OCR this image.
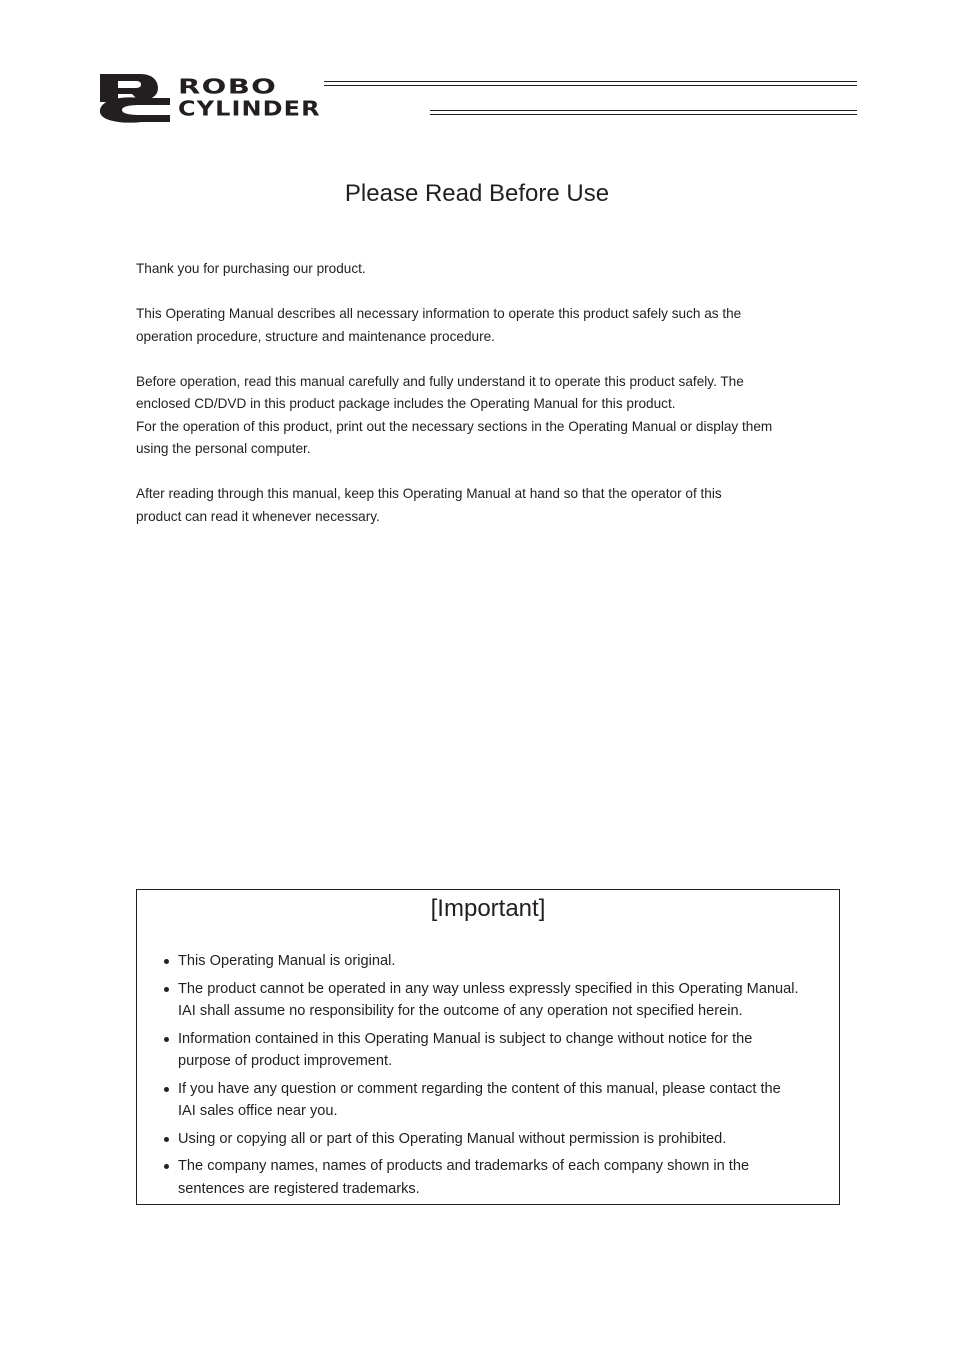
ROBO
CYLINDER
Please Read Before Use

Thank you for purchasing our product.

This Operating Manual describes all necessary information to operate this product safely such as the
operation procedure, structure and maintenance procedure.

Before operation, read this manual carefully and fully understand it to operate this product safely. The
enclosed CD/DVD in this product package includes the Operating Manual for this product.
For the operation of this product, print out the necessary sections in the Operating Manual or display them
using the personal computer.

After reading through this manual, keep this Operating Manual at hand so that the operator of this
product can read it whenever necessary.

[Important]
This Operating Manual is original.
The product cannot be operated in any way unless expressly specified in this Operating Manual.
IAI shall assume no responsibility for the outcome of any operation not specified herein.
Information contained in this Operating Manual is subject to change without notice for the
purpose of product improvement.
If you have any question or comment regarding the content of this manual, please contact the
IAI sales office near you.
Using or copying all or part of this Operating Manual without permission is prohibited.
The company names, names of products and trademarks of each company shown in the
sentences are registered trademarks.
